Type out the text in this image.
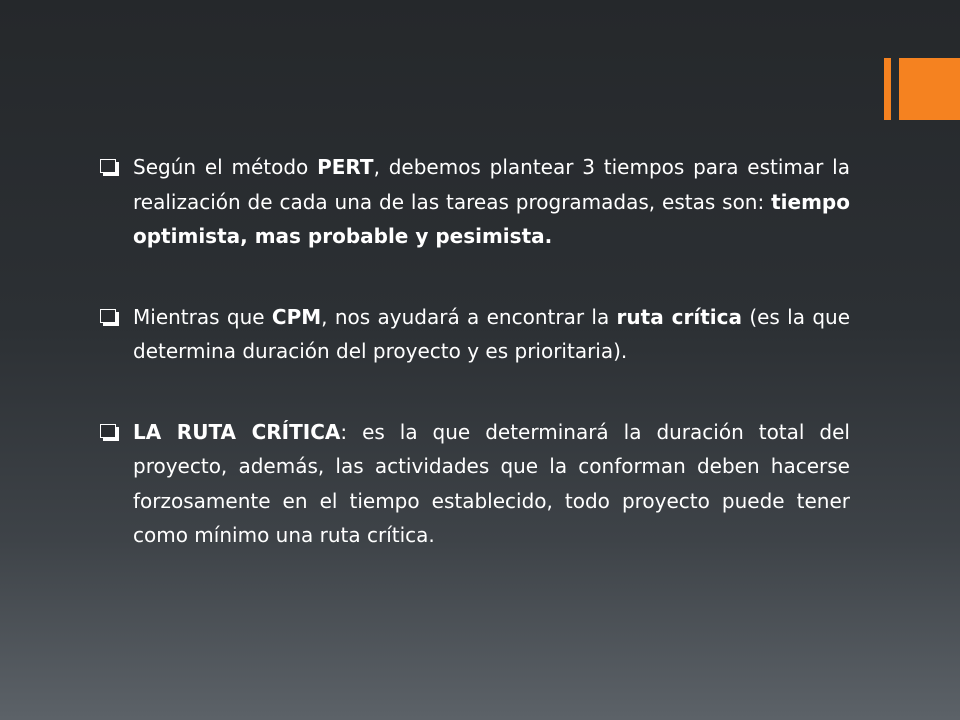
Según el método PERT, debemos plantear 3 tiempos para estimar la realización de cada una de las tareas programadas, estas son: tiempo optimista, mas probable y pesimista.
Mientras que CPM, nos ayudará a encontrar la ruta crítica (es la que determina duración del proyecto y es prioritaria).
LA RUTA CRÍTICA: es la que determinará la duración total del proyecto, además, las actividades que la conforman deben hacerse forzosamente en el tiempo establecido, todo proyecto puede tener como mínimo una ruta crítica.
